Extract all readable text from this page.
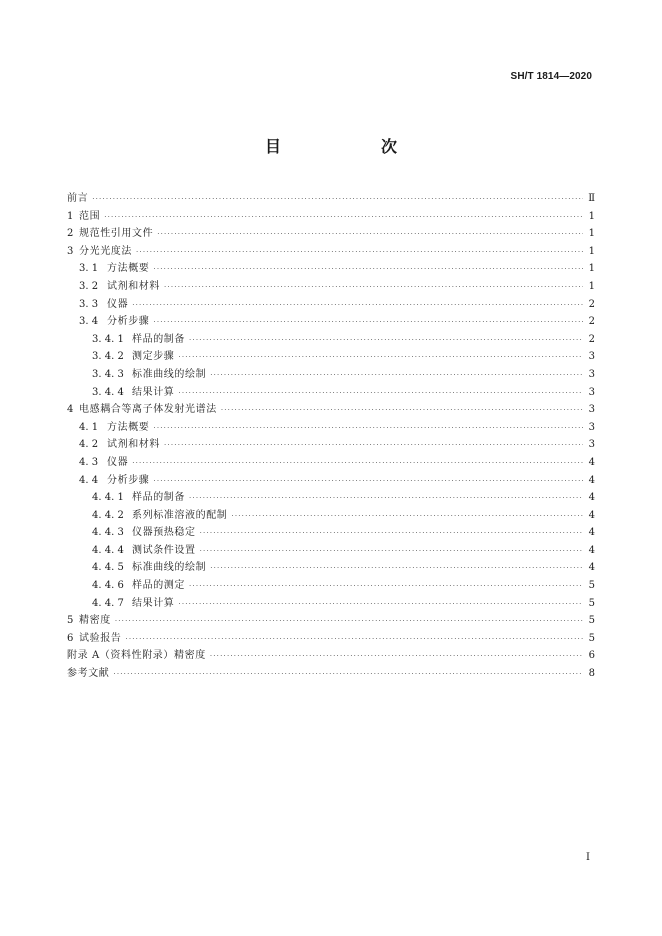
SH/T 1814—2020
目　次
前言 ·····	Ⅱ
1 范围 ·····	1
2 规范性引用文件 ·····	1
3 分光光度法 ·····	1
3. 1 方法概要 ·····	1
3. 2 试剂和材料 ·····	1
3. 3 仪器 ·····	2
3. 4 分析步骤 ·····	2
3. 4. 1 样品的制备 ·····	2
3. 4. 2 测定步骤 ·····	3
3. 4. 3 标准曲线的绘制 ·····	3
3. 4. 4 结果计算 ·····	3
4 电感耦合等离子体发射光谱法 ·····	3
4. 1 方法概要 ·····	3
4. 2 试剂和材料 ·····	3
4. 3 仪器 ·····	4
4. 4 分析步骤 ·····	4
4. 4. 1 样品的制备 ·····	4
4. 4. 2 系列标准溶液的配制 ·····	4
4. 4. 3 仪器预热稳定 ·····	4
4. 4. 4 测试条件设置 ·····	4
4. 4. 5 标准曲线的绘制 ·····	4
4. 4. 6 样品的测定 ·····	5
4. 4. 7 结果计算 ·····	5
5 精密度 ·····	5
6 试验报告 ·····	5
附录 A（资料性附录）精密度 ·····	6
参考文献 ·····	8
Ⅰ
